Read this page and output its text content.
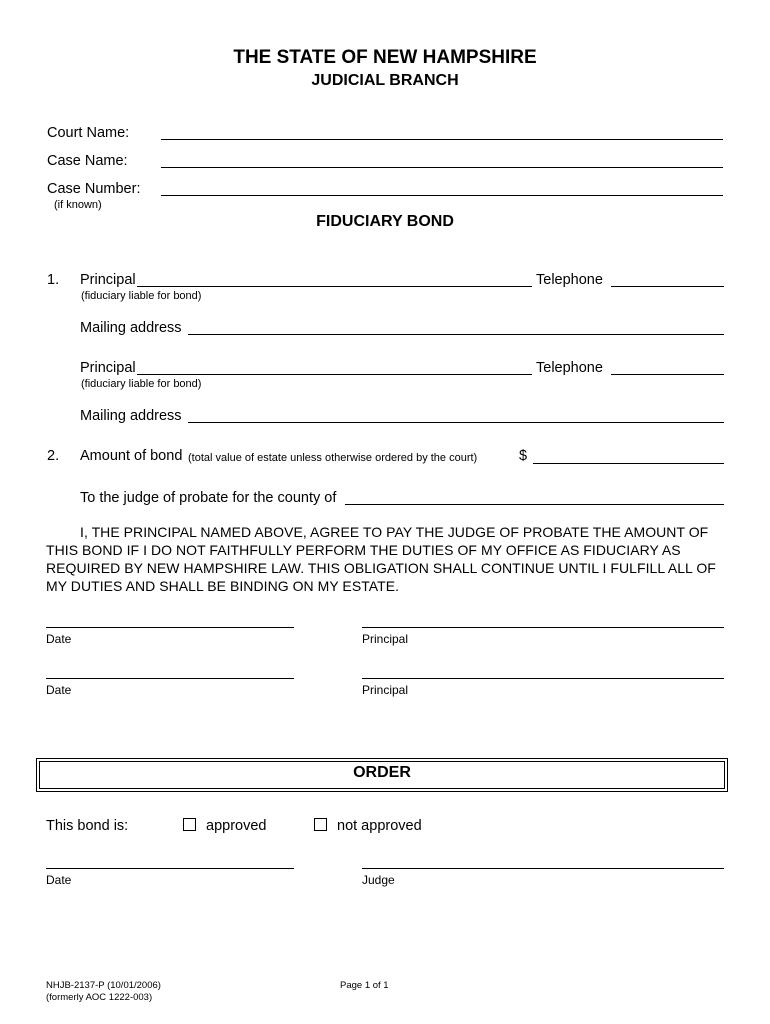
THE STATE OF NEW HAMPSHIRE
JUDICIAL BRANCH
Court Name:
Case Name:
Case Number:
(if known)
FIDUCIARY BOND
1. Principal	Telephone
(fiduciary liable for bond)
Mailing address
Principal	Telephone
(fiduciary liable for bond)
Mailing address
2. Amount of bond (total value of estate unless otherwise ordered by the court)	$
To the judge of probate for the county of
I, THE PRINCIPAL NAMED ABOVE, AGREE TO PAY THE JUDGE OF PROBATE THE AMOUNT OF THIS BOND IF I DO NOT FAITHFULLY PERFORM THE DUTIES OF MY OFFICE AS FIDUCIARY AS REQUIRED BY NEW HAMPSHIRE LAW. THIS OBLIGATION SHALL CONTINUE UNTIL I FULFILL ALL OF MY DUTIES AND SHALL BE BINDING ON MY ESTATE.
Date	Principal
Date	Principal
ORDER
This bond is:	approved	not approved
Date	Judge
NHJB-2137-P (10/01/2006)
(formerly AOC 1222-003)
Page 1 of 1
